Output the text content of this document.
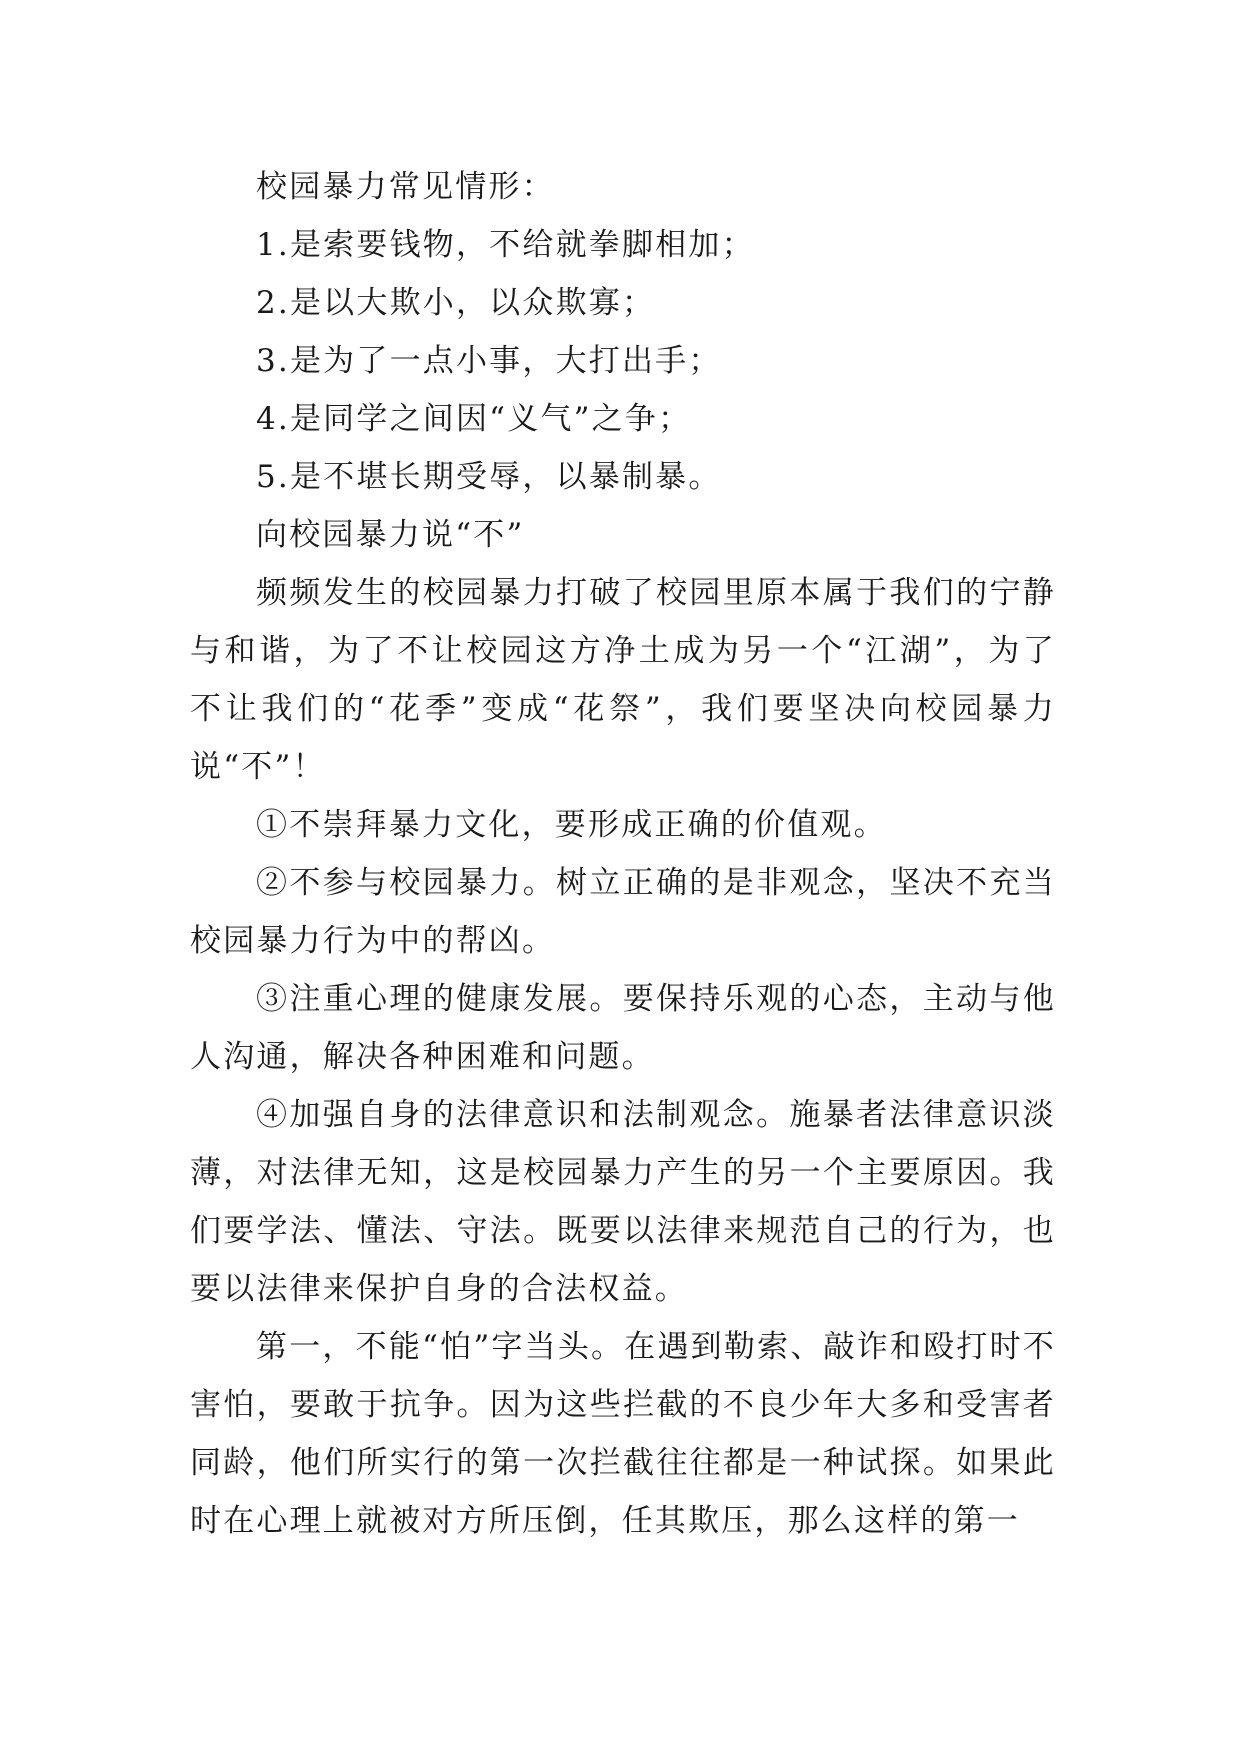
校园暴力常见情形：

1.是索要钱物，不给就拳脚相加；

2.是以大欺小，以众欺寡；

3.是为了一点小事，大打出手；

4.是同学之间因“义气”之争；

5.是不堪长期受辱，以暴制暴。

向校园暴力说“不”

频频发生的校园暴力打破了校园里原本属于我们的宁静与和谐，为了不让校园这方净土成为另一个“江湖”，为了不让我们的“花季”变成“花祭”，我们要坚决向校园暴力说“不”！

①不崇拜暴力文化，要形成正确的价值观。

②不参与校园暴力。树立正确的是非观念，坚决不充当校园暴力行为中的帮凶。

③注重心理的健康发展。要保持乐观的心态，主动与他人沟通，解决各种困难和问题。

④加强自身的法律意识和法制观念。施暴者法律意识淡薄，对法律无知，这是校园暴力产生的另一个主要原因。我们要学法、懂法、守法。既要以法律来规范自己的行为，也要以法律来保护自身的合法权益。

第一，不能“怕”字当头。在遇到勒索、敲诈和殴打时不害怕，要敢于抗争。因为这些拦截的不良少年大多和受害者同龄，他们所实行的第一次拦截往往都是一种试探。如果此时在心理上就被对方所压倒，任其欺压，那么这样的第一
